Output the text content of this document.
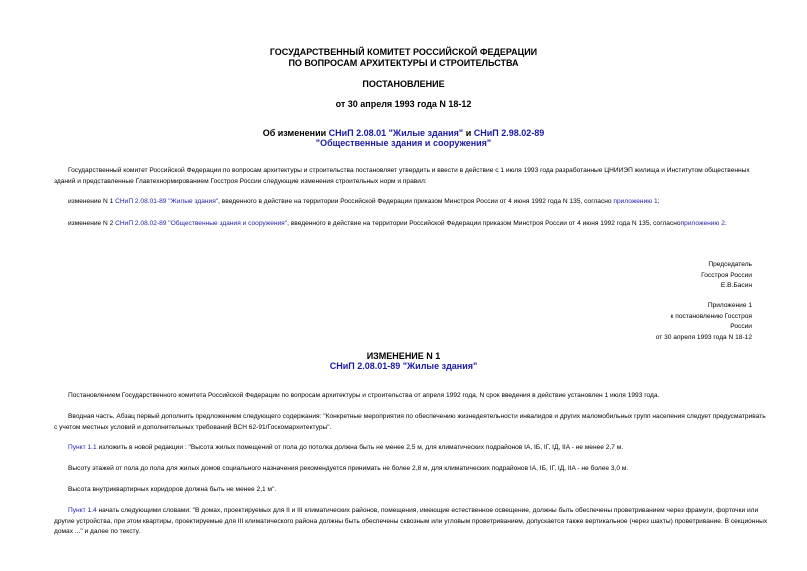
ГОСУДАРСТВЕННЫЙ КОМИТЕТ РОССИЙСКОЙ ФЕДЕРАЦИИ
ПО ВОПРОСАМ АРХИТЕКТУРЫ И СТРОИТЕЛЬСТВА
ПОСТАНОВЛЕНИЕ
от 30 апреля 1993 года N 18-12
Об изменении СНиП 2.08.01 "Жилые здания" и СНиП 2.98.02-89
"Общественные здания и сооружения"
Государственный комитет Российской Федерации по вопросам архитектуры и строительства постановляет утвердить и ввести в действие с 1 июля 1993 года разработанные ЦНИИЭП жилища и Институтом общественных зданий и представленные Главтехнормированием Госстроя России следующие изменения строительных норм и правил:
изменение N 1 СНиП 2.08.01-89 "Жилые здания", введенного в действие на территории Российской Федерации приказом Минстроя России от 4 июня 1992 года N 135, согласно приложению 1;
изменение N 2 СНиП 2.08.02-89 "Общественные здания и сооружения", введенного в действие на территории Российской Федерации приказом Минстроя России от 4 июня 1992 года N 135, согласноприложению 2.
Председатель
Госстроя России
Е.В.Басин
Приложение 1
к постановлению Госстроя
России
от 30 апреля 1993 года N 18-12
ИЗМЕНЕНИЕ N 1
СНиП 2.08.01-89 "Жилые здания"
Постановлением Государственного комитета Российской Федерации по вопросам архитектуры и строительства от апреля 1992 года, N срок введения в действие установлен 1 июля 1993 года.
Вводная часть. Абзац первый дополнить предложением следующего содержания: "Конкретные мероприятия по обеспечению жизнедеятельности инвалидов и других маломобильных групп населения следует предусматривать с учетом местных условий и дополнительных требований ВСН 62-91/Госкомархитектуры".
Пункт 1.1 изложить в новой редакции : "Высота жилых помещений от пола до потолка должна быть не менее 2,5 м, для климатических подрайонов IA, IБ, IГ, IД, IIA - не менее 2,7 м.
Высоту этажей от пола до пола для жилых домов социального назначения рекомендуется принимать не более 2,8 м, для климатических подрайонов IA, IБ, IГ, IД, IIA - не более 3,0 м.
Высота внутриквартирных коридоров должна быть не менее 2,1 м".
Пункт 1.4 начать следующими словами: "В домах, проектируемых для II и III климатических районов, помещения, имеющие естественное освещение, должны быть обеспечены проветриванием через фрамуги, форточки или другие устройства, при этом квартиры, проектируемые для III климатического района должны быть обеспечены сквозным или угловым проветриванием, допускается также вертикальное (через шахты) проветривание. В секционных домах ..." и далее по тексту.
